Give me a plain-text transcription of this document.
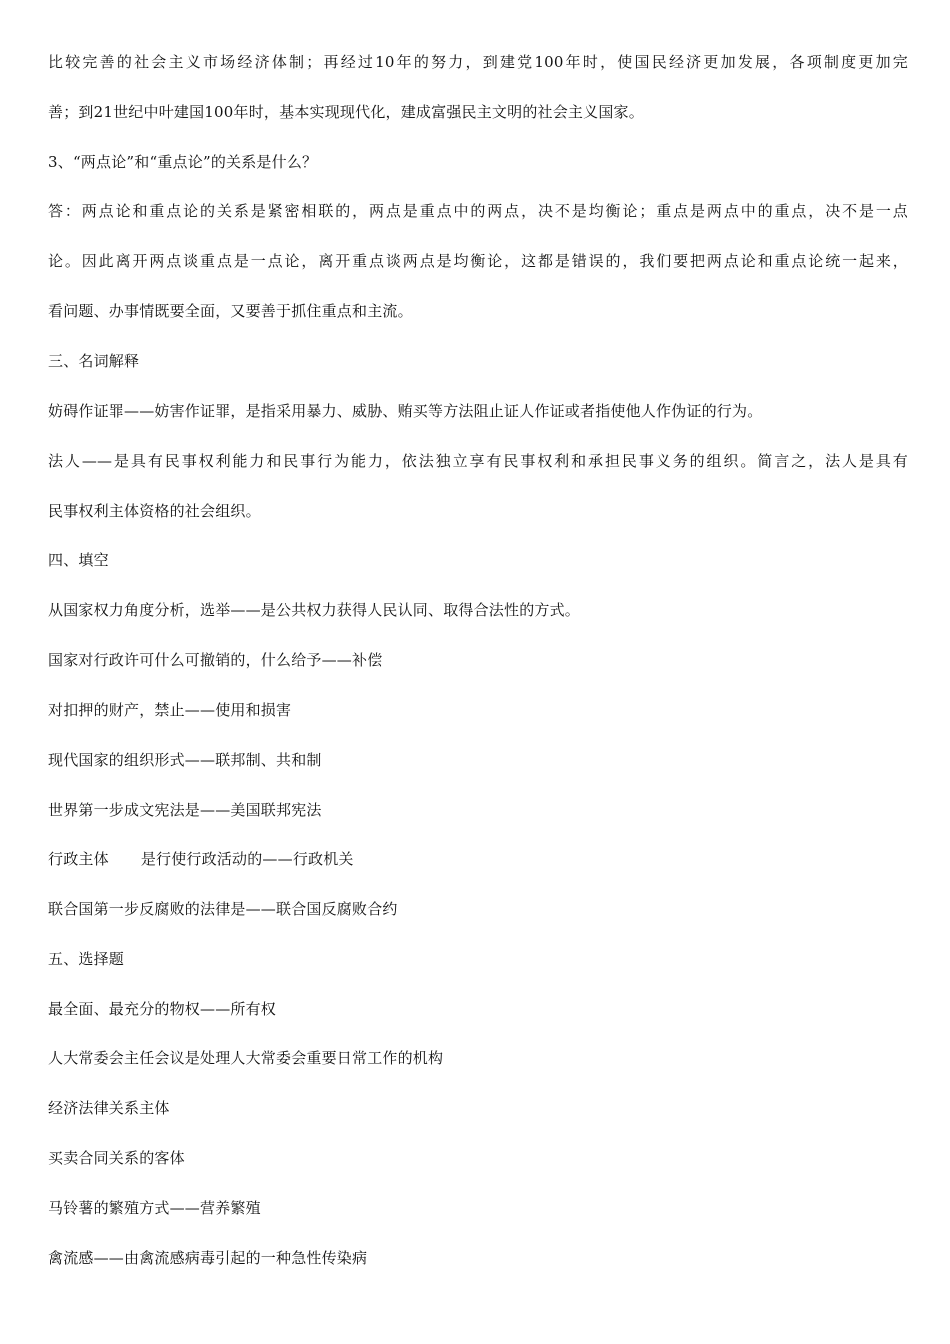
比较完善的社会主义市场经济体制；再经过10年的努力，到建党100年时，使国民经济更加发展，各项制度更加完
善；到21世纪中叶建国100年时，基本实现现代化，建成富强民主文明的社会主义国家。
3、“两点论”和“重点论”的关系是什么？
答：两点论和重点论的关系是紧密相联的，两点是重点中的两点，决不是均衡论；重点是两点中的重点，决不是一点
论。因此离开两点谈重点是一点论，离开重点谈两点是均衡论，这都是错误的，我们要把两点论和重点论统一起来，
看问题、办事情既要全面，又要善于抓住重点和主流。
三、名词解释
妨碍作证罪——妨害作证罪，是指采用暴力、威胁、贿买等方法阻止证人作证或者指使他人作伪证的行为。
法人——是具有民事权利能力和民事行为能力，依法独立享有民事权利和承担民事义务的组织。简言之，法人是具有
民事权利主体资格的社会组织。
四、填空
从国家权力角度分析，选举——是公共权力获得人民认同、取得合法性的方式。
国家对行政许可什么可撤销的，什么给予——补偿
对扣押的财产，禁止——使用和损害
现代国家的组织形式——联邦制、共和制
世界第一步成文宪法是——美国联邦宪法
行政主体 是行使行政活动的——行政机关
联合国第一步反腐败的法律是——联合国反腐败合约
五、选择题
最全面、最充分的物权——所有权
人大常委会主任会议是处理人大常委会重要日常工作的机构
经济法律关系主体
买卖合同关系的客体
马铃薯的繁殖方式——营养繁殖
禽流感——由禽流感病毒引起的一种急性传染病
